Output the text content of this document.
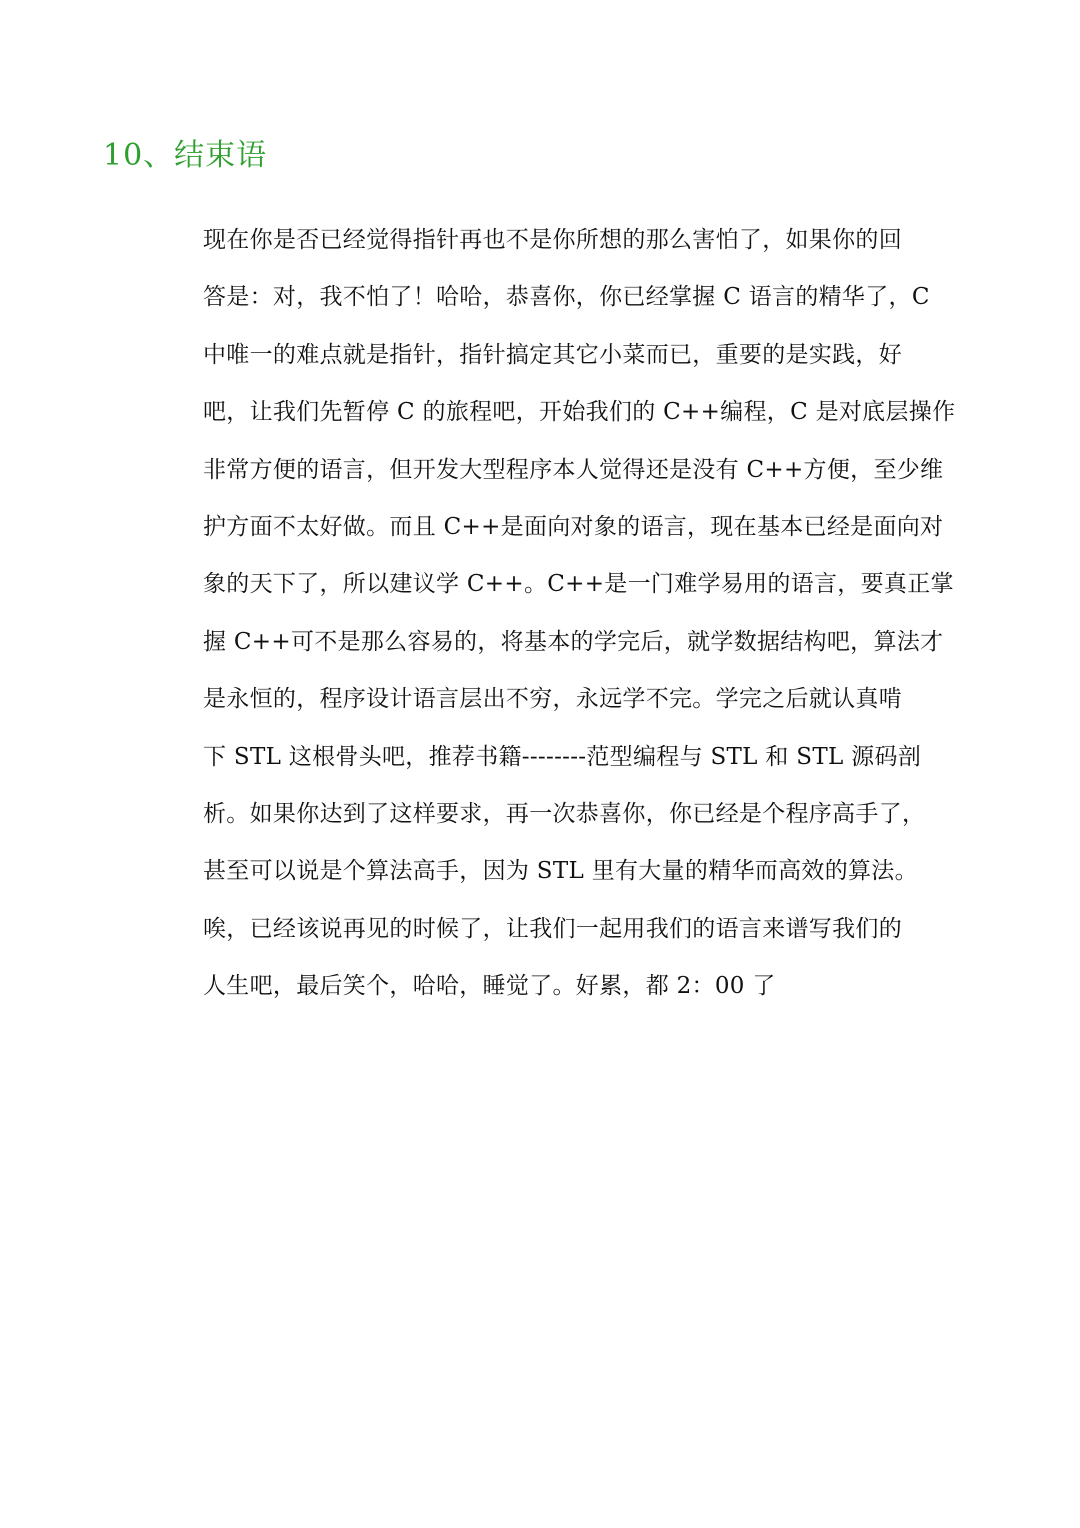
10、结束语
现在你是否已经觉得指针再也不是你所想的那么害怕了，如果你的回
答是：对，我不怕了！哈哈，恭喜你，你已经掌握 C 语言的精华了，C
中唯一的难点就是指针，指针搞定其它小菜而已，重要的是实践，好
吧，让我们先暂停 C 的旅程吧，开始我们的 C++编程，C 是对底层操作
非常方便的语言，但开发大型程序本人觉得还是没有 C++方便，至少维
护方面不太好做。而且 C++是面向对象的语言，现在基本已经是面向对
象的天下了，所以建议学 C++。C++是一门难学易用的语言，要真正掌
握 C++可不是那么容易的，将基本的学完后，就学数据结构吧，算法才
是永恒的，程序设计语言层出不穷，永远学不完。学完之后就认真啃
下 STL 这根骨头吧，推荐书籍--------范型编程与 STL 和 STL 源码剖
析。如果你达到了这样要求，再一次恭喜你，你已经是个程序高手了，
甚至可以说是个算法高手，因为 STL 里有大量的精华而高效的算法。
唉，已经该说再见的时候了，让我们一起用我们的语言来谱写我们的
人生吧，最后笑个，哈哈，睡觉了。好累，都 2：00 了
